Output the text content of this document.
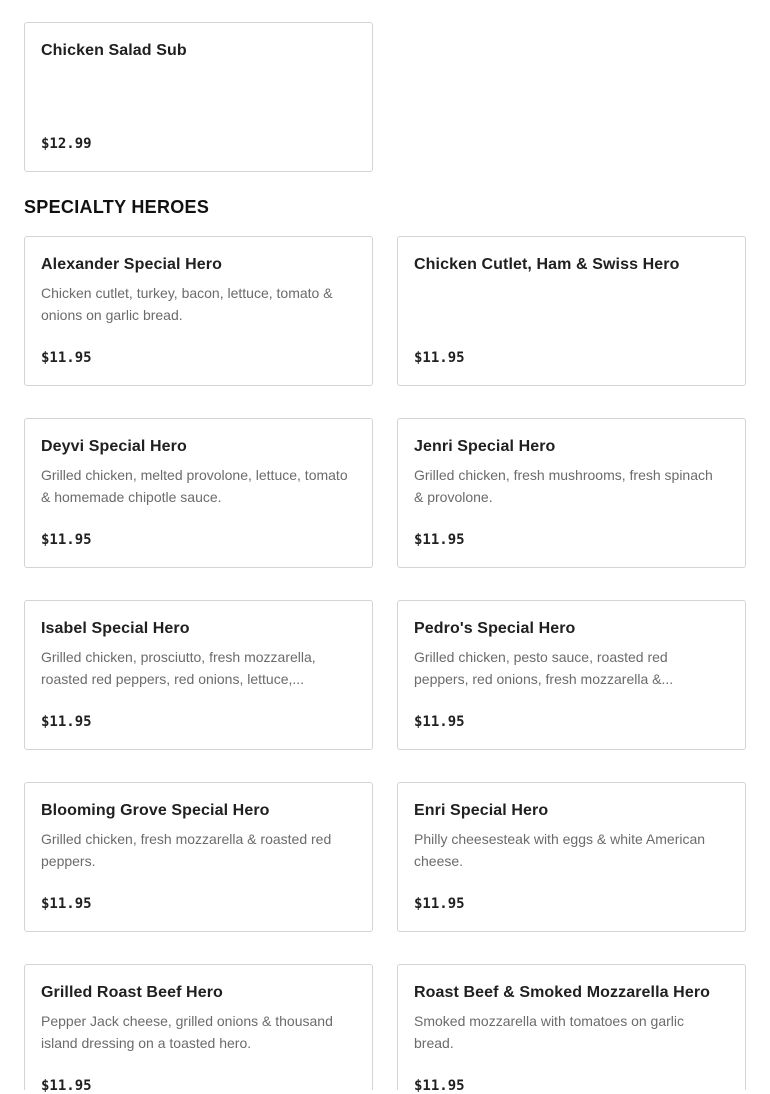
Chicken Salad Sub
$12.99
SPECIALTY HEROES
Alexander Special Hero
Chicken cutlet, turkey, bacon, lettuce, tomato & onions on garlic bread.
$11.95
Chicken Cutlet, Ham & Swiss Hero
$11.95
Deyvi Special Hero
Grilled chicken, melted provolone, lettuce, tomato & homemade chipotle sauce.
$11.95
Jenri Special Hero
Grilled chicken, fresh mushrooms, fresh spinach & provolone.
$11.95
Isabel Special Hero
Grilled chicken, prosciutto, fresh mozzarella, roasted red peppers, red onions, lettuce,...
$11.95
Pedro's Special Hero
Grilled chicken, pesto sauce, roasted red peppers, red onions, fresh mozzarella &...
$11.95
Blooming Grove Special Hero
Grilled chicken, fresh mozzarella & roasted red peppers.
$11.95
Enri Special Hero
Philly cheesesteak with eggs & white American cheese.
$11.95
Grilled Roast Beef Hero
Pepper Jack cheese, grilled onions & thousand island dressing on a toasted hero.
$11.95
Roast Beef & Smoked Mozzarella Hero
Smoked mozzarella with tomatoes on garlic bread.
$11.95
